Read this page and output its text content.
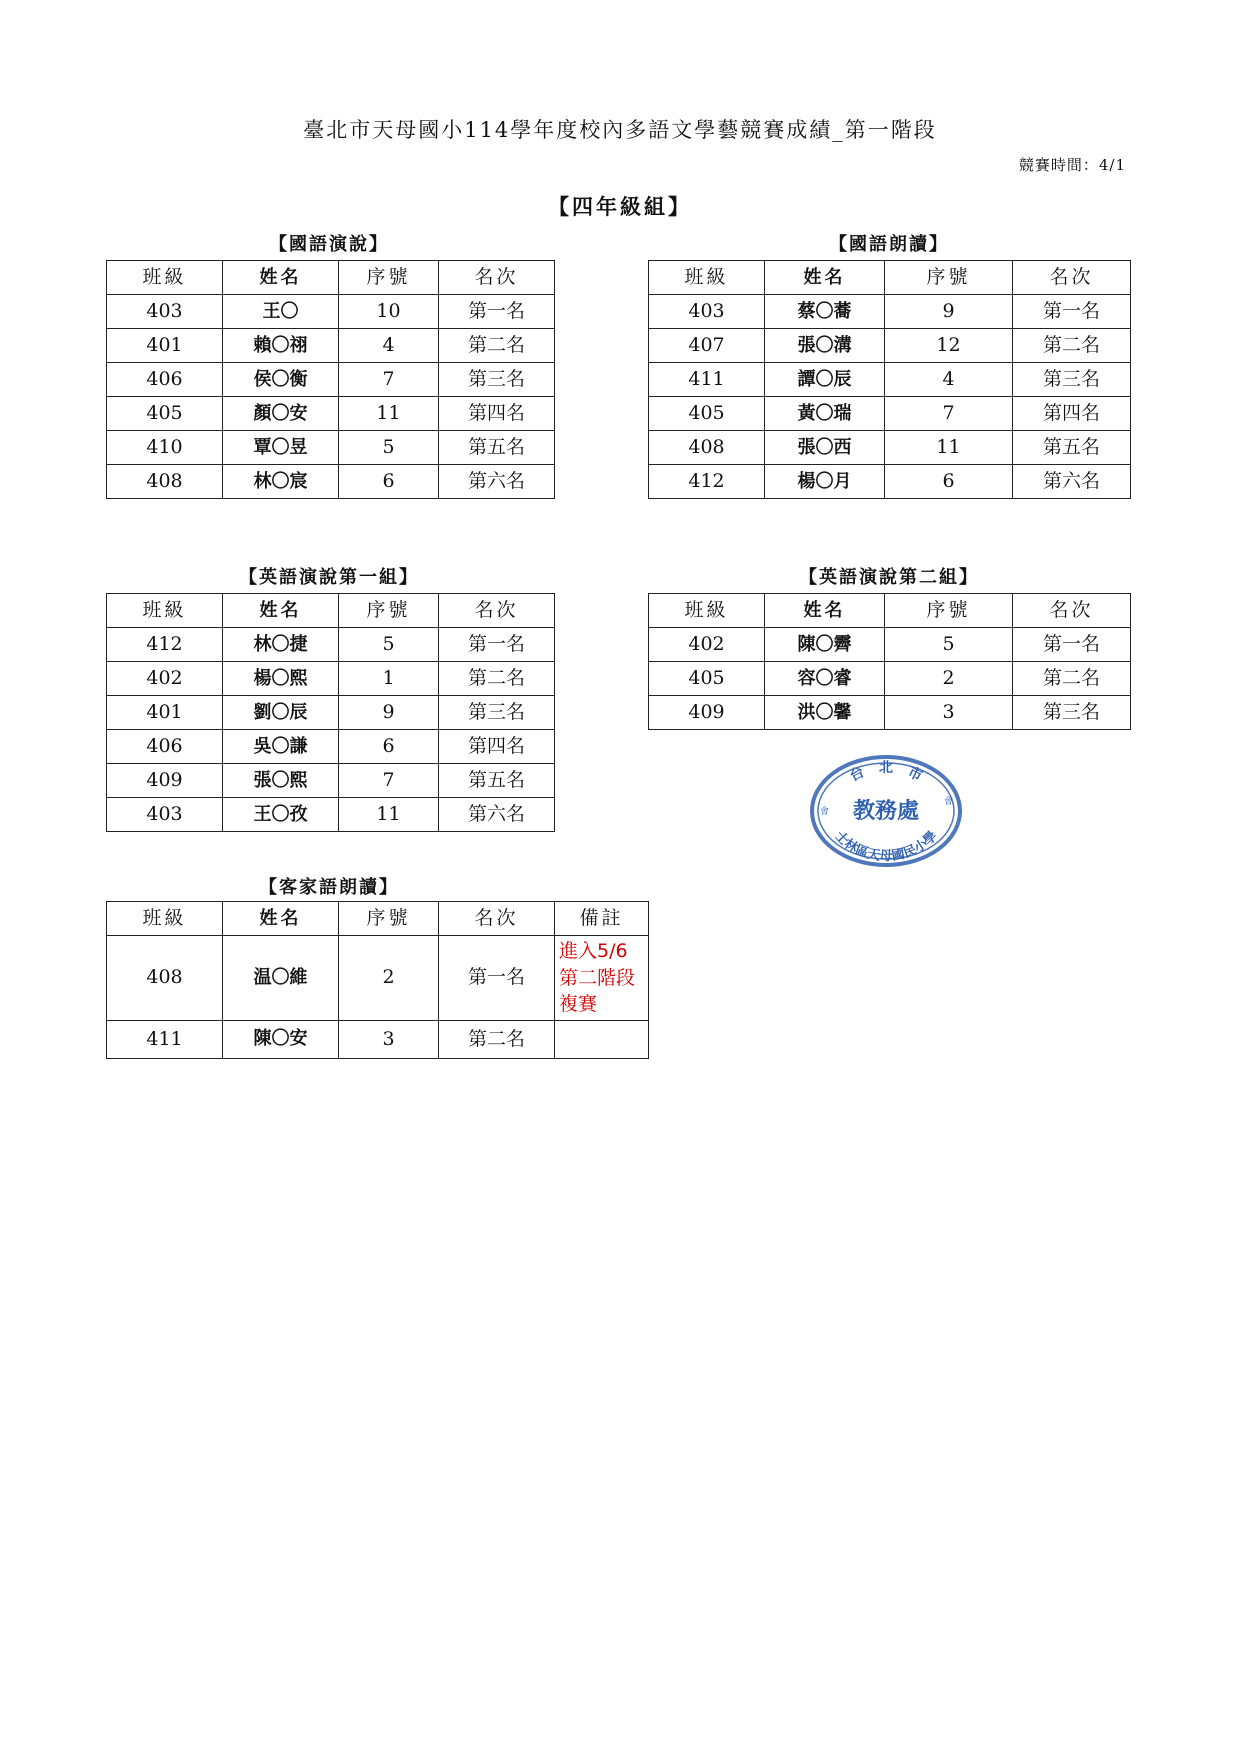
臺北市天母國小114學年度校內多語文學藝競賽成績_第一階段
競賽時間：4/1
【四年級組】
【國語演說】	【國語朗讀】
【英語演說第一組】	【英語演說第二組】
【客家語朗讀】
班級	姓名	序號	名次
403	王〇	10	第一名
401	賴〇祤	4	第二名
406	侯〇衡	7	第三名
405	顏〇安	11	第四名
410	覃〇昱	5	第五名
408	林〇宸	6	第六名
班級	姓名	序號	名次
403	蔡〇蕎	9	第一名
407	張〇溝	12	第二名
411	譚〇辰	4	第三名
405	黃〇瑞	7	第四名
408	張〇西	11	第五名
412	楊〇月	6	第六名
班級	姓名	序號	名次
412	林〇捷	5	第一名
402	楊〇熙	1	第二名
401	劉〇辰	9	第三名
406	吳〇謙	6	第四名
409	張〇熙	7	第五名
403	王〇孜	11	第六名
班級	姓名	序號	名次
402	陳〇霽	5	第一名
405	容〇睿	2	第二名
409	洪〇馨	3	第三名
班級	姓名	序號	名次	備註
408	温〇維	2	第一名	進入5/6
第二階段
複賽

411	陳〇安	3	第二名	
台　北　市
教務處
士林區天母國民小學
會
會
